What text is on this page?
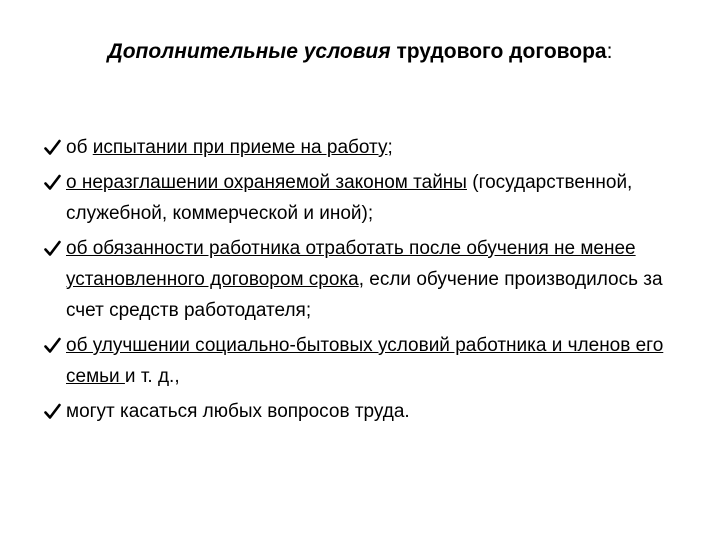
Дополнительные условия трудового договора:
об испытании при приеме на работу;
о неразглашении охраняемой законом тайны (государственной, служебной, коммерческой и иной);
об обязанности работника отработать после обучения не менее установленного договором срока, если обучение производилось за счет средств работодателя;
об улучшении социально-бытовых условий работника и членов его семьи и т. д.,
могут касаться любых вопросов труда.
